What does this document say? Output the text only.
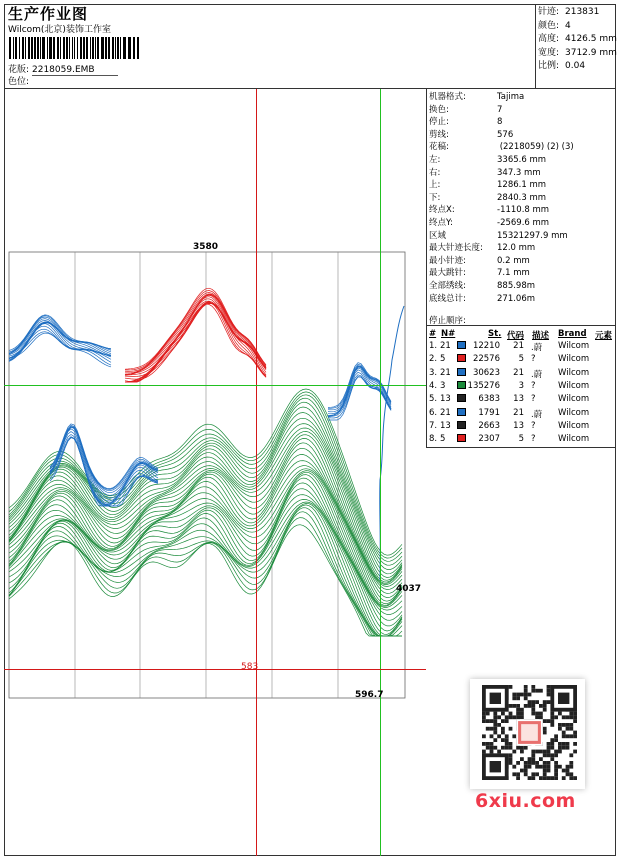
生产作业图
Wilcom(北京)装饰工作室
花版: 2218059.EMB
色位:
针迹: 213831
颜色: 4
高度: 4126.5 mm
宽度: 3712.9 mm
比例: 0.04
3580
4037
583
596.7
机器格式:	Tajima
换色:	7
停止:	8
剪线:	576
花稿:	(2218059) (2) (3)
左:	3365.6 mm
右:	347.3 mm
上:	1286.1 mm
下:	2840.3 mm
终点X:	-1110.8 mm
终点Y:	-2569.6 mm
区域	15321297.9 mm
最大针迹长度: 12.0 mm
最小针迹:	0.2 mm
最大跳针:	7.1 mm
全部绣线:	885.98m
底线总计:	271.06m
停止顺序:
# N#	St. 代码 描述 Brand 元素
1. 21	12210 21 .蔚 Wilcom
2. 5	22576 5 ?	Wilcom
3. 21	30623 21 .蔚 Wilcom
4. 3	135276 3 ?	Wilcom
5. 13	6383 13 ?	Wilcom
6. 21	1791 21 .蔚 Wilcom
7. 13	2663 13 ?	Wilcom
8. 5	2307 5 ?	Wilcom
6xiu.com
